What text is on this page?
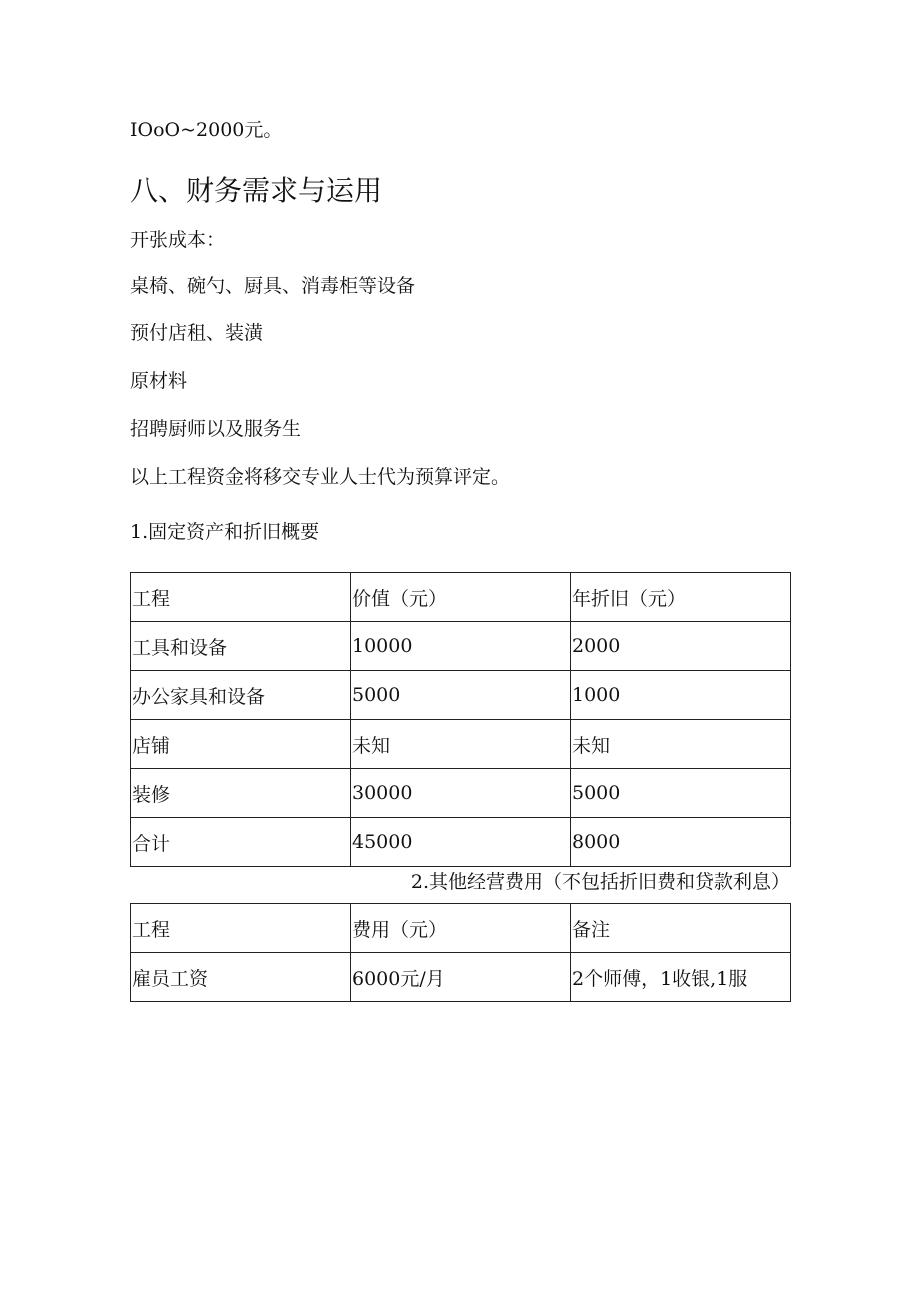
IOoO~2000元。
八、财务需求与运用
开张成本：
桌椅、碗勺、厨具、消毒柜等设备
预付店租、装潢
原材料
招聘厨师以及服务生
以上工程资金将移交专业人士代为预算评定。
1.固定资产和折旧概要
工程	价值（元）	年折旧（元）
工具和设备	10000	2000
办公家具和设备	5000	1000
店铺	未知	未知
装修	30000	5000
合计	45000	8000
2.其他经营费用（不包括折旧费和贷款利息）
工程	费用（元）	备注
雇员工资	6000元/月	2个师傅，1收银,1服
